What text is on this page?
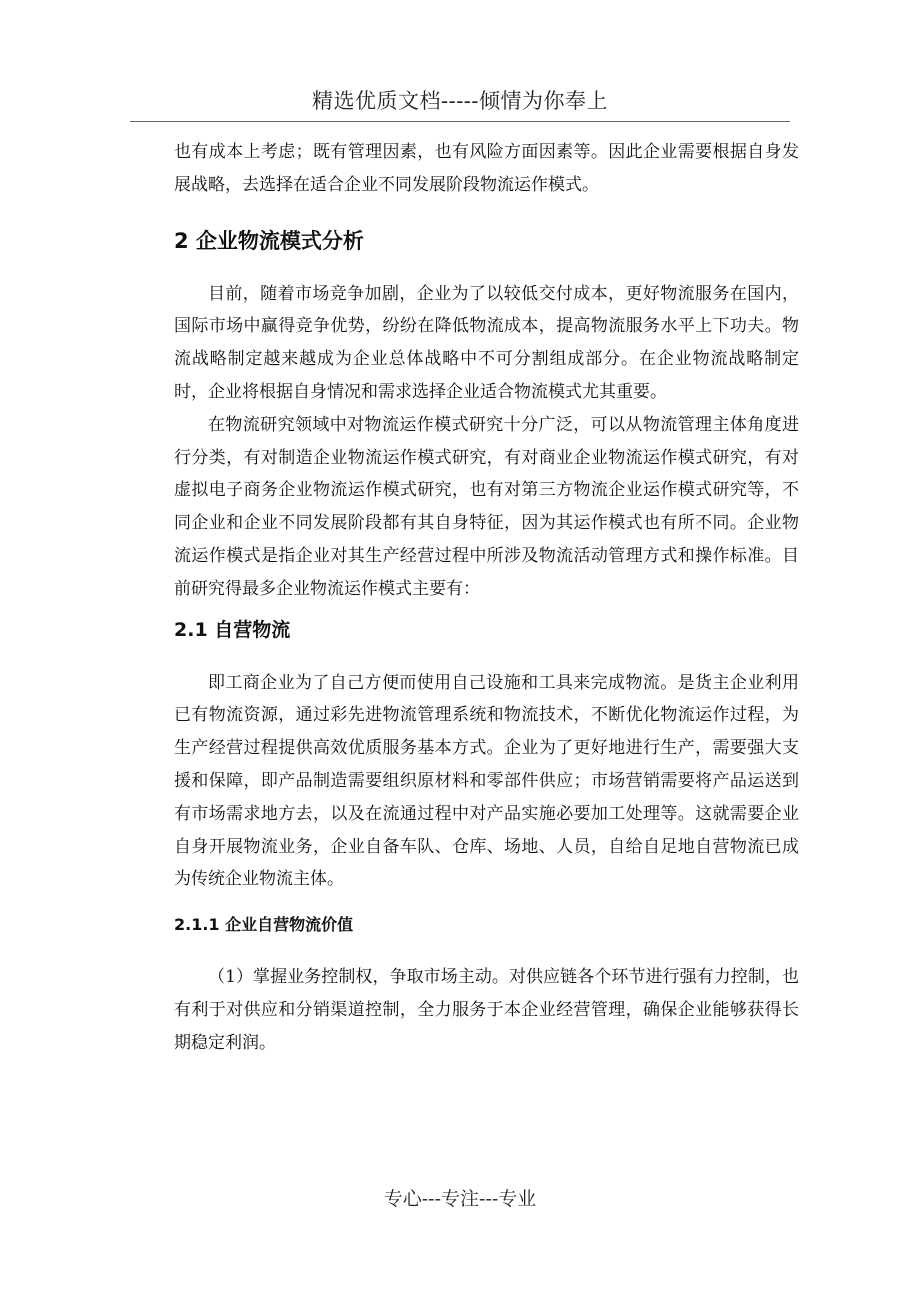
精选优质文档-----倾情为你奉上

也有成本上考虑；既有管理因素，也有风险方面因素等。因此企业需要根据自身发展战略，去选择在适合企业不同发展阶段物流运作模式。

2 企业物流模式分析

目前，随着市场竞争加剧，企业为了以较低交付成本，更好物流服务在国内，国际市场中赢得竞争优势，纷纷在降低物流成本，提高物流服务水平上下功夫。物流战略制定越来越成为企业总体战略中不可分割组成部分。在企业物流战略制定时，企业将根据自身情况和需求选择企业适合物流模式尤其重要。

在物流研究领域中对物流运作模式研究十分广泛，可以从物流管理主体角度进行分类，有对制造企业物流运作模式研究，有对商业企业物流运作模式研究，有对虚拟电子商务企业物流运作模式研究，也有对第三方物流企业运作模式研究等，不同企业和企业不同发展阶段都有其自身特征，因为其运作模式也有所不同。企业物流运作模式是指企业对其生产经营过程中所涉及物流活动管理方式和操作标准。目前研究得最多企业物流运作模式主要有：

2.1 自营物流

即工商企业为了自己方便而使用自己设施和工具来完成物流。是货主企业利用已有物流资源，通过彩先进物流管理系统和物流技术，不断优化物流运作过程，为生产经营过程提供高效优质服务基本方式。企业为了更好地进行生产，需要强大支援和保障，即产品制造需要组织原材料和零部件供应；市场营销需要将产品运送到有市场需求地方去，以及在流通过程中对产品实施必要加工处理等。这就需要企业自身开展物流业务，企业自备车队、仓库、场地、人员，自给自足地自营物流已成为传统企业物流主体。

2.1.1 企业自营物流价值

（1）掌握业务控制权，争取市场主动。对供应链各个环节进行强有力控制，也有利于对供应和分销渠道控制，全力服务于本企业经营管理，确保企业能够获得长期稳定利润。

专心---专注---专业
